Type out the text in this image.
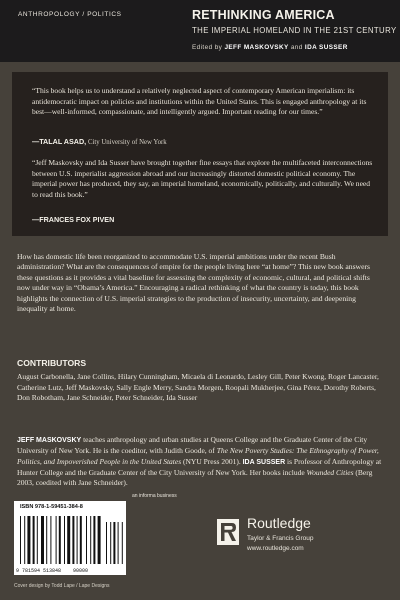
ANTHROPOLOGY / POLITICS	RETHINKING AMERICA
THE IMPERIAL HOMELAND IN THE 21ST CENTURY
Edited by JEFF MASKOVSKY and IDA SUSSER

“This book helps us to understand a relatively neglected aspect of contemporary American imperialism: its antidemocratic impact on policies and institutions within the United States. This is engaged anthropology at its best—well-informed, compassionate, and intelligently argued. Important reading for our times.”

—TALAL ASAD, City University of New York

“Jeff Maskovsky and Ida Susser have brought together fine essays that explore the multifaceted interconnections between U.S. imperialist aggression abroad and our increasingly distorted domestic political economy. The imperial power has produced, they say, an imperial homeland, economically, politically, and culturally. We need to read this book.”

—FRANCES FOX PIVEN

How has domestic life been reorganized to accommodate U.S. imperial ambitions under the recent Bush administration? What are the consequences of empire for the people living here “at home”? This new book answers these questions as it provides a vital baseline for assessing the complexity of economic, cultural, and political shifts now under way in “Obama’s America.” Encouraging a radical rethinking of what the country is today, this book highlights the connection of U.S. imperial strategies to the production of insecurity, uncertainty, and deepening inequality at home.

CONTRIBUTORS

August Carbonella, Jane Collins, Hilary Cunningham, Micaela di Leonardo, Lesley Gill, Peter Kwong, Roger Lancaster, Catherine Lutz, Jeff Maskovsky, Sally Engle Merry, Sandra Morgen, Roopali Mukherjee, Gina Pérez, Dorothy Roberts, Don Robotham, Jane Schneider, Peter Schneider, Ida Susser

JEFF MASKOVSKY teaches anthropology and urban studies at Queens College and the Graduate Center of the City University of New York. He is the coeditor, with Judith Goode, of The New Poverty Studies: The Ethnography of Power, Politics, and Impoverished People in the United States (NYU Press 2001). IDA SUSSER is Professor of Anthropology at Hunter College and the Graduate Center of the City University of New York. Her books include Wounded Cities (Berg 2003, coedited with Jane Schneider).

an informa business
ISBN 978-1-59451-384-8
9 781594 513848 90000
Routledge
Taylor & Francis Group
www.routledge.com
Cover design by Todd Lape / Lape Designs
